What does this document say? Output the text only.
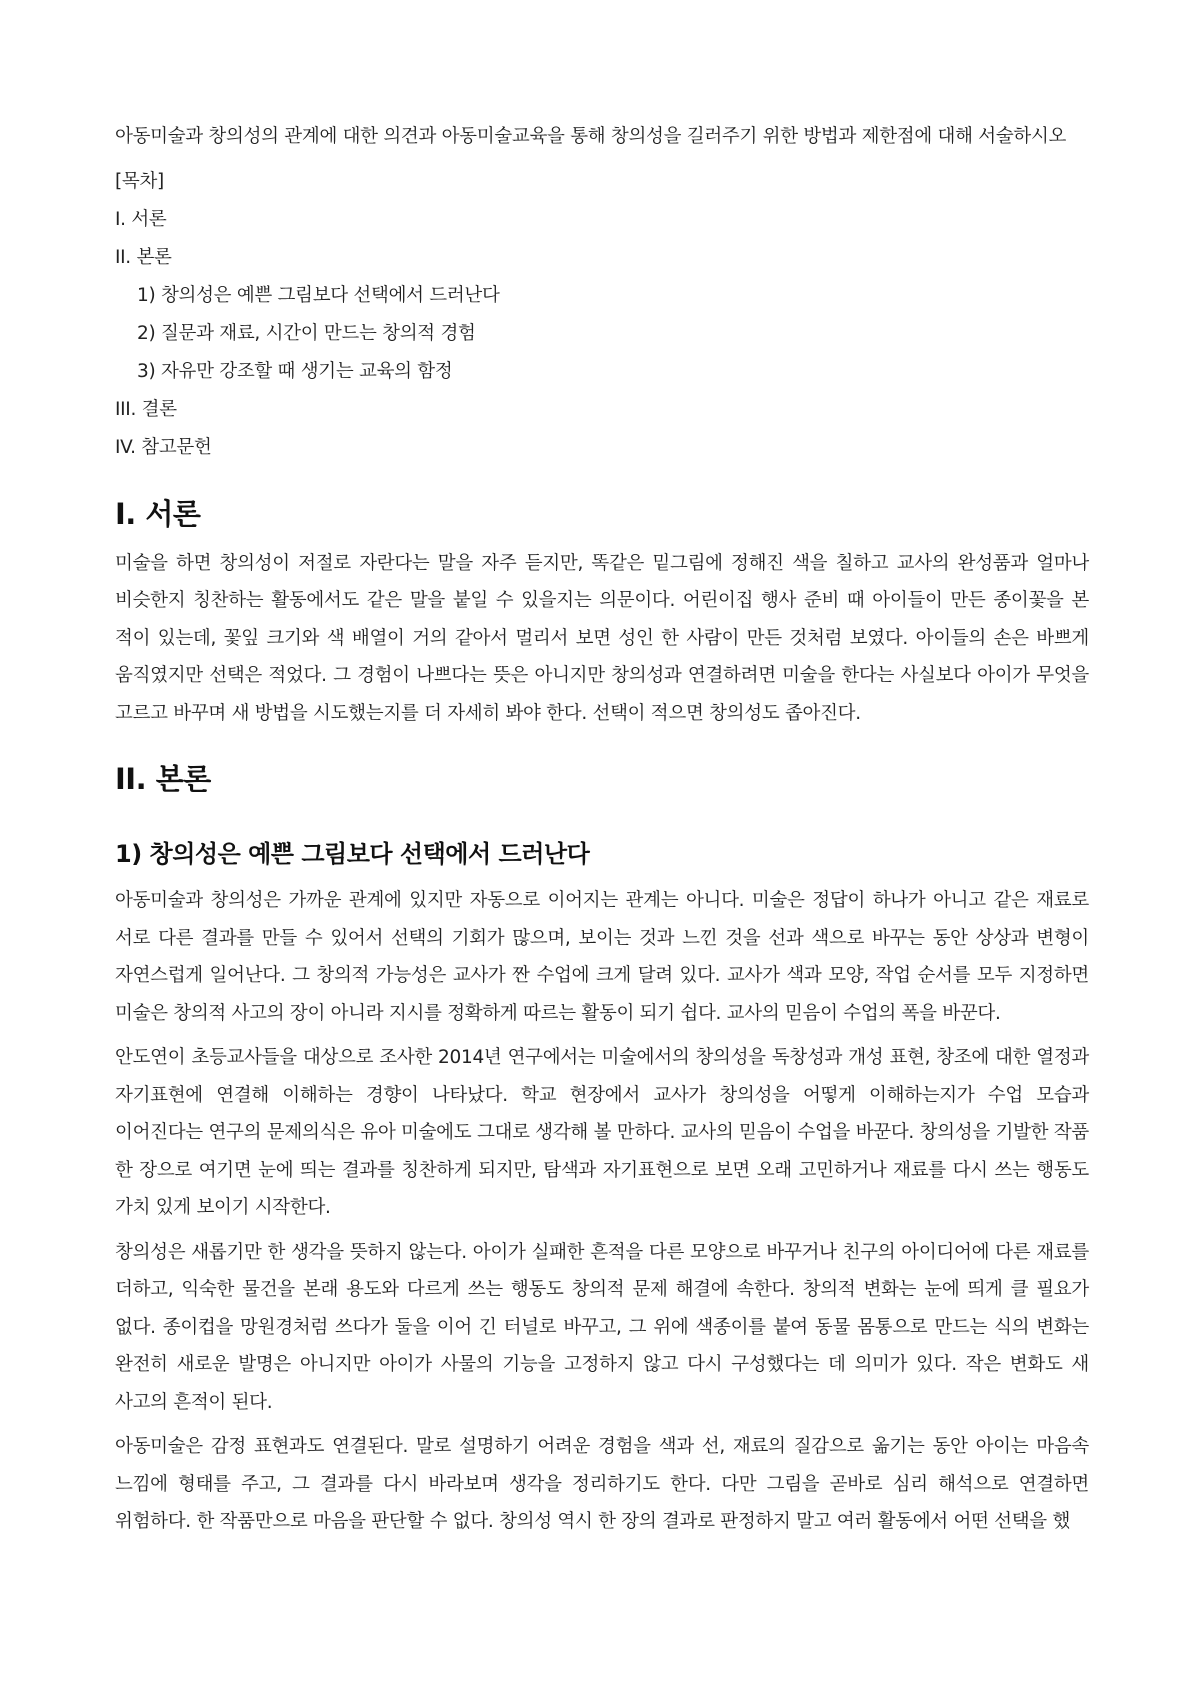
아동미술과 창의성의 관계에 대한 의견과 아동미술교육을 통해 창의성을 길러주기 위한 방법과 제한점에 대해 서술하시오

[목차]
I. 서론
II. 본론
1) 창의성은 예쁜 그림보다 선택에서 드러난다
2) 질문과 재료, 시간이 만드는 창의적 경험
3) 자유만 강조할 때 생기는 교육의 함정
III. 결론
IV. 참고문헌
I. 서론

미술을 하면 창의성이 저절로 자란다는 말을 자주 듣지만, 똑같은 밑그림에 정해진 색을 칠하고 교사의 완성품과 얼마나 비슷한지 칭찬하는 활동에서도 같은 말을 붙일 수 있을지는 의문이다. 어린이집 행사 준비 때 아이들이 만든 종이꽃을 본 적이 있는데, 꽃잎 크기와 색 배열이 거의 같아서 멀리서 보면 성인 한 사람이 만든 것처럼 보였다. 아이들의 손은 바쁘게 움직였지만 선택은 적었다. 그 경험이 나쁘다는 뜻은 아니지만 창의성과 연결하려면 미술을 한다는 사실보다 아이가 무엇을 고르고 바꾸며 새 방법을 시도했는지를 더 자세히 봐야 한다. 선택이 적으면 창의성도 좁아진다.

II. 본론
1) 창의성은 예쁜 그림보다 선택에서 드러난다

아동미술과 창의성은 가까운 관계에 있지만 자동으로 이어지는 관계는 아니다. 미술은 정답이 하나가 아니고 같은 재료로 서로 다른 결과를 만들 수 있어서 선택의 기회가 많으며, 보이는 것과 느낀 것을 선과 색으로 바꾸는 동안 상상과 변형이 자연스럽게 일어난다. 그 창의적 가능성은 교사가 짠 수업에 크게 달려 있다. 교사가 색과 모양, 작업 순서를 모두 지정하면 미술은 창의적 사고의 장이 아니라 지시를 정확하게 따르는 활동이 되기 쉽다. 교사의 믿음이 수업의 폭을 바꾼다.

안도연이 초등교사들을 대상으로 조사한 2014년 연구에서는 미술에서의 창의성을 독창성과 개성 표현, 창조에 대한 열정과 자기표현에 연결해 이해하는 경향이 나타났다. 학교 현장에서 교사가 창의성을 어떻게 이해하는지가 수업 모습과 이어진다는 연구의 문제의식은 유아 미술에도 그대로 생각해 볼 만하다. 교사의 믿음이 수업을 바꾼다. 창의성을 기발한 작품 한 장으로 여기면 눈에 띄는 결과를 칭찬하게 되지만, 탐색과 자기표현으로 보면 오래 고민하거나 재료를 다시 쓰는 행동도 가치 있게 보이기 시작한다.

창의성은 새롭기만 한 생각을 뜻하지 않는다. 아이가 실패한 흔적을 다른 모양으로 바꾸거나 친구의 아이디어에 다른 재료를 더하고, 익숙한 물건을 본래 용도와 다르게 쓰는 행동도 창의적 문제 해결에 속한다. 창의적 변화는 눈에 띄게 클 필요가 없다. 종이컵을 망원경처럼 쓰다가 둘을 이어 긴 터널로 바꾸고, 그 위에 색종이를 붙여 동물 몸통으로 만드는 식의 변화는 완전히 새로운 발명은 아니지만 아이가 사물의 기능을 고정하지 않고 다시 구성했다는 데 의미가 있다. 작은 변화도 새 사고의 흔적이 된다.

아동미술은 감정 표현과도 연결된다. 말로 설명하기 어려운 경험을 색과 선, 재료의 질감으로 옮기는 동안 아이는 마음속 느낌에 형태를 주고, 그 결과를 다시 바라보며 생각을 정리하기도 한다. 다만 그림을 곧바로 심리 해석으로 연결하면 위험하다. 한 작품만으로 마음을 판단할 수 없다. 창의성 역시 한 장의 결과로 판정하지 말고 여러 활동에서 어떤 선택을 했
